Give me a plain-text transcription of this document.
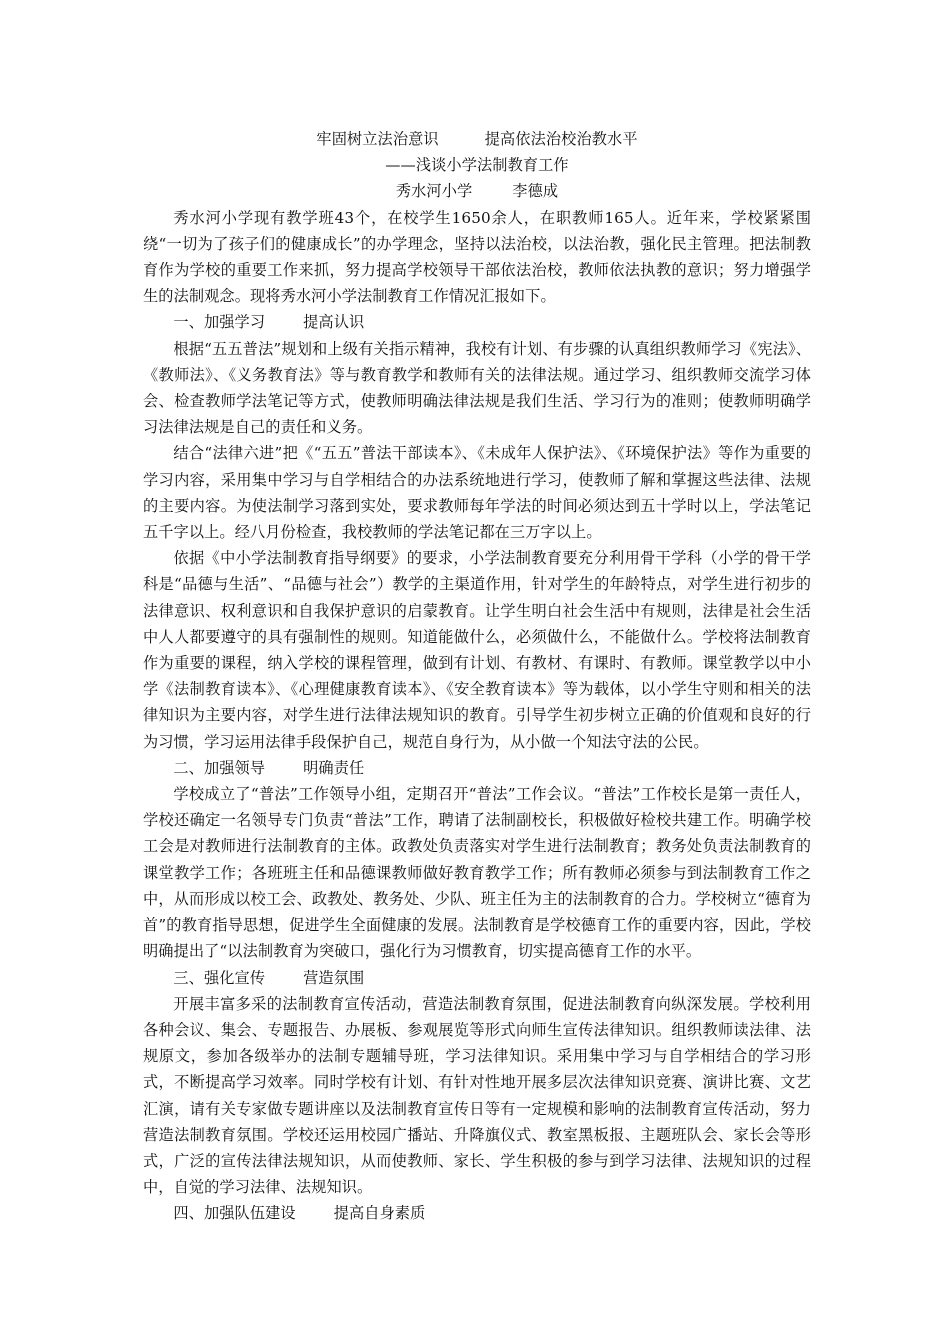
牢固树立法治意识	提高依法治校治教水平

——浅谈小学法制教育工作

秀水河小学	李德成

秀水河小学现有教学班43个，在校学生1650余人，在职教师165人。近年来，学校紧紧围绕“一切为了孩子们的健康成长”的办学理念，坚持以法治校，以法治教，强化民主管理。把法制教育作为学校的重要工作来抓，努力提高学校领导干部依法治校，教师依法执教的意识；努力增强学生的法制观念。现将秀水河小学法制教育工作情况汇报如下。

一、加强学习	提高认识

根据“五五普法”规划和上级有关指示精神，我校有计划、有步骤的认真组织教师学习《宪法》、《教师法》、《义务教育法》等与教育教学和教师有关的法律法规。通过学习、组织教师交流学习体会、检查教师学法笔记等方式，使教师明确法律法规是我们生活、学习行为的准则；使教师明确学习法律法规是自己的责任和义务。

结合“法律六进”把《“五五”普法干部读本》、《未成年人保护法》、《环境保护法》等作为重要的学习内容，采用集中学习与自学相结合的办法系统地进行学习，使教师了解和掌握这些法律、法规的主要内容。为使法制学习落到实处，要求教师每年学法的时间必须达到五十学时以上，学法笔记五千字以上。经八月份检查，我校教师的学法笔记都在三万字以上。

依据《中小学法制教育指导纲要》的要求，小学法制教育要充分利用骨干学科（小学的骨干学科是“品德与生活”、“品德与社会”）教学的主渠道作用，针对学生的年龄特点，对学生进行初步的法律意识、权利意识和自我保护意识的启蒙教育。让学生明白社会生活中有规则，法律是社会生活中人人都要遵守的具有强制性的规则。知道能做什么，必须做什么，不能做什么。学校将法制教育作为重要的课程，纳入学校的课程管理，做到有计划、有教材、有课时、有教师。课堂教学以中小学《法制教育读本》、《心理健康教育读本》、《安全教育读本》等为载体，以小学生守则和相关的法律知识为主要内容，对学生进行法律法规知识的教育。引导学生初步树立正确的价值观和良好的行为习惯，学习运用法律手段保护自己，规范自身行为，从小做一个知法守法的公民。

二、加强领导	明确责任

学校成立了“普法”工作领导小组，定期召开“普法”工作会议。“普法”工作校长是第一责任人，学校还确定一名领导专门负责“普法”工作，聘请了法制副校长，积极做好检校共建工作。明确学校工会是对教师进行法制教育的主体。政教处负责落实对学生进行法制教育；教务处负责法制教育的课堂教学工作；各班班主任和品德课教师做好教育教学工作；所有教师必须参与到法制教育工作之中，从而形成以校工会、政教处、教务处、少队、班主任为主的法制教育的合力。学校树立“德育为首”的教育指导思想，促进学生全面健康的发展。法制教育是学校德育工作的重要内容，因此，学校明确提出了“以法制教育为突破口，强化行为习惯教育，切实提高德育工作的水平。

三、强化宣传	营造氛围

开展丰富多采的法制教育宣传活动，营造法制教育氛围，促进法制教育向纵深发展。学校利用各种会议、集会、专题报告、办展板、参观展览等形式向师生宣传法律知识。组织教师读法律、法规原文，参加各级举办的法制专题辅导班，学习法律知识。采用集中学习与自学相结合的学习形式，不断提高学习效率。同时学校有计划、有针对性地开展多层次法律知识竞赛、演讲比赛、文艺汇演，请有关专家做专题讲座以及法制教育宣传日等有一定规模和影响的法制教育宣传活动，努力营造法制教育氛围。学校还运用校园广播站、升降旗仪式、教室黑板报、主题班队会、家长会等形式，广泛的宣传法律法规知识，从而使教师、家长、学生积极的参与到学习法律、法规知识的过程中，自觉的学习法律、法规知识。

四、加强队伍建设	提高自身素质
